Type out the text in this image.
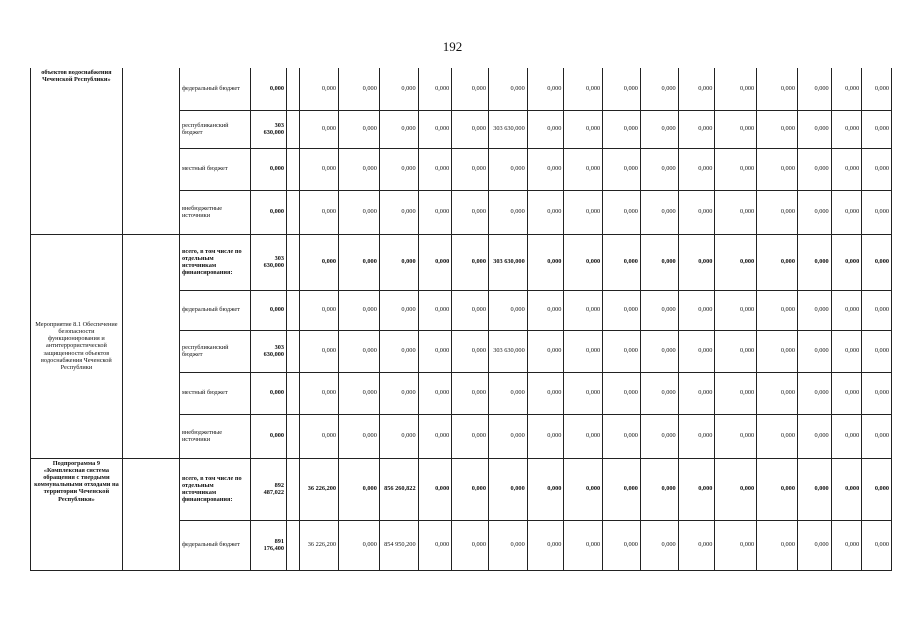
192
объектов водоснабжения Чеченской Республики»		федеральный бюджет	0,000		0,000	0,000	0,000	0,000	0,000	0,000	0,000	0,000	0,000	0,000	0,000	0,000	0,000	0,000	0,000	0,000
		республиканский бюджет	303 630,000		0,000	0,000	0,000	0,000	0,000	303 630,000	0,000	0,000	0,000	0,000	0,000	0,000	0,000	0,000	0,000	0,000
		местный бюджет	0,000		0,000	0,000	0,000	0,000	0,000	0,000	0,000	0,000	0,000	0,000	0,000	0,000	0,000	0,000	0,000	0,000
		внебюджетные источники	0,000		0,000	0,000	0,000	0,000	0,000	0,000	0,000	0,000	0,000	0,000	0,000	0,000	0,000	0,000	0,000	0,000
Мероприятие 8.1 Обеспечение безопасности функционирования и антитеррористической защищенности объектов водоснабжения Чеченской Республики		всего, в том числе по отдельным источникам финансирования:	303 630,000		0,000	0,000	0,000	0,000	0,000	303 630,000	0,000	0,000	0,000	0,000	0,000	0,000	0,000	0,000	0,000	0,000
		федеральный бюджет	0,000		0,000	0,000	0,000	0,000	0,000	0,000	0,000	0,000	0,000	0,000	0,000	0,000	0,000	0,000	0,000	0,000
		республиканский бюджет	303 630,000		0,000	0,000	0,000	0,000	0,000	303 630,000	0,000	0,000	0,000	0,000	0,000	0,000	0,000	0,000	0,000	0,000
		местный бюджет	0,000		0,000	0,000	0,000	0,000	0,000	0,000	0,000	0,000	0,000	0,000	0,000	0,000	0,000	0,000	0,000	0,000
		внебюджетные источники	0,000		0,000	0,000	0,000	0,000	0,000	0,000	0,000	0,000	0,000	0,000	0,000	0,000	0,000	0,000	0,000	0,000
Подпрограмма 9 «Комплексная система обращения с твердыми коммунальными отходами на территории Чеченской Республики»		всего, в том числе по отдельным источникам финансирования:	892 487,022		36 226,200	0,000	856 260,822	0,000	0,000	0,000	0,000	0,000	0,000	0,000	0,000	0,000	0,000	0,000	0,000	0,000
		федеральный бюджет	891 176,400		36 226,200	0,000	854 950,200	0,000	0,000	0,000	0,000	0,000	0,000	0,000	0,000	0,000	0,000	0,000	0,000	0,000
